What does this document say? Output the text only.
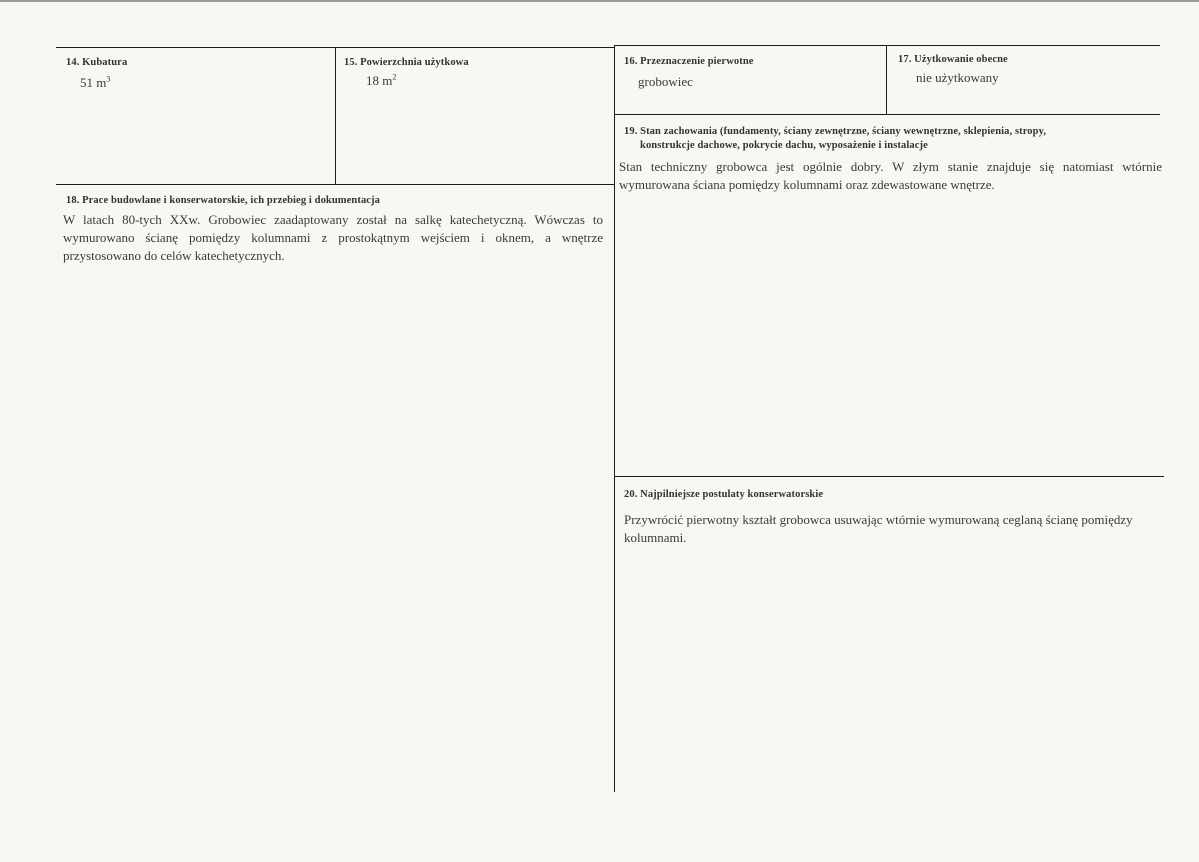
14. Kubatura
51 $m^3$
15. Powierzchnia użytkowa
18 $m^2$
16. Przeznaczenie pierwotne
grobowiec
17. Użytkowanie obecne
nie użytkowany
19. Stan zachowania (fundamenty, ściany zewnętrzne, ściany wewnętrzne, sklepienia, stropy,
konstrukcje dachowe, pokrycie dachu, wyposażenie i instalacje
Stan techniczny grobowca jest ogólnie dobry. W złym stanie znajduje się natomiast wtórnie wymurowana ściana pomiędzy kolumnami oraz zdewastowane wnętrze.
18. Prace budowlane i konserwatorskie, ich przebieg i dokumentacja
W latach 80-tych XXw. Grobowiec zaadaptowany został na salkę katechetyczną. Wówczas to wymurowano ścianę pomiędzy kolumnami z prostokątnym wejściem i oknem, a wnętrze przystosowano do celów katechetycznych.
20. Najpilniejsze postulaty konserwatorskie
Przywrócić pierwotny kształt grobowca usuwając wtórnie wymurowaną ceglaną ścianę pomiędzy kolumnami.
